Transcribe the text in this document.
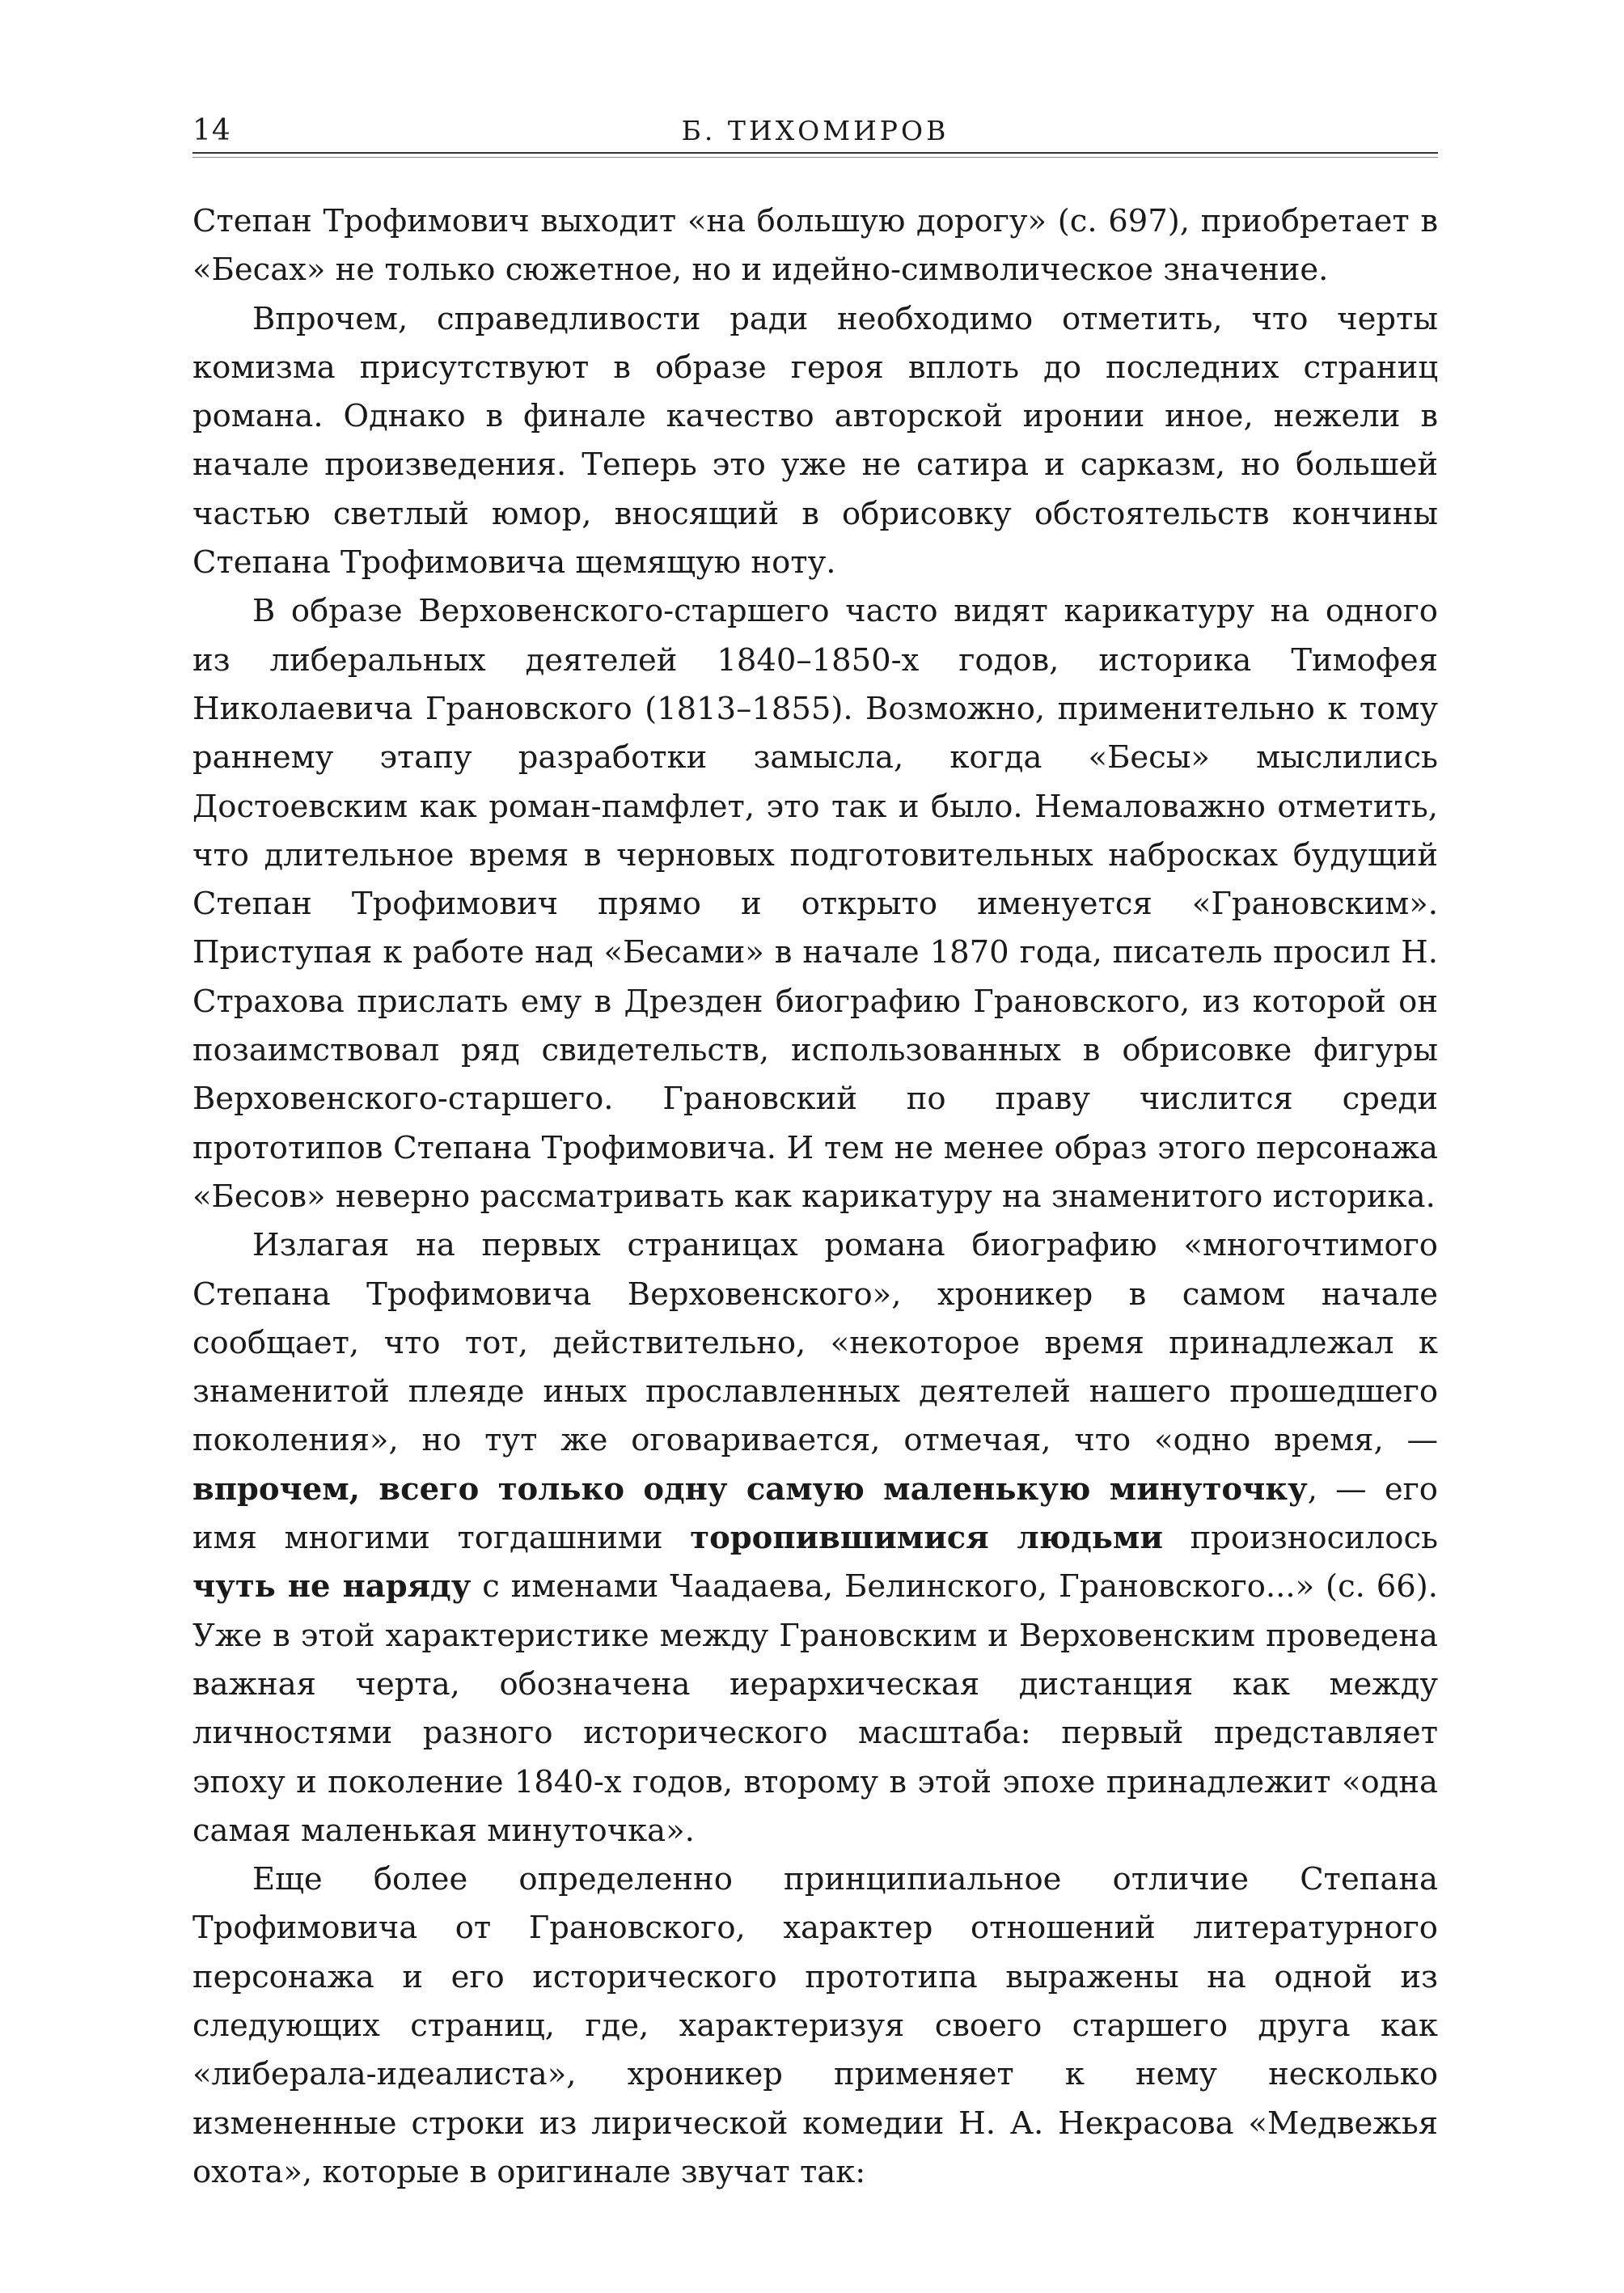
14	Б. ТИХОМИРОВ

Степан Трофимович выходит «на большую дорогу» (с. 697), приобретает в «Бесах» не только сюжетное, но и идейно-символическое значение.

Впрочем, справедливости ради необходимо отметить, что черты комизма присутствуют в образе героя вплоть до последних страниц романа. Однако в финале качество авторской иронии иное, нежели в начале произведения. Теперь это уже не сатира и сарказм, но большей частью светлый юмор, вносящий в обрисовку обстоятельств кончины Степана Трофимовича щемящую ноту.

В образе Верховенского-старшего часто видят карикатуру на одного из либеральных деятелей 1840–1850-х годов, историка Тимофея Николаевича Грановского (1813–1855). Возможно, применительно к тому раннему этапу разработки замысла, когда «Бесы» мыслились Достоевским как роман-памфлет, это так и было. Немаловажно отметить, что длительное время в черновых подготовительных набросках будущий Степан Трофимович прямо и открыто именуется «Грановским». Приступая к работе над «Бесами» в начале 1870 года, писатель просил Н. Страхова прислать ему в Дрезден биографию Грановского, из которой он позаимствовал ряд свидетельств, использованных в обрисовке фигуры Верховенского-старшего. Грановский по праву числится среди прототипов Степана Трофимовича. И тем не менее образ этого персонажа «Бесов» неверно рассматривать как карикатуру на знаменитого историка.

Излагая на первых страницах романа биографию «многочтимого Степана Трофимовича Верховенского», хроникер в самом начале сообщает, что тот, действительно, «некоторое время принадлежал к знаменитой плеяде иных прославленных деятелей нашего прошедшего поколения», но тут же оговаривается, отмечая, что «одно время, — впрочем, всего только одну самую маленькую минуточку, — его имя многими тогдашними торопившимися людьми произносилось чуть не наряду с именами Чаадаева, Белинского, Грановского...» (с. 66). Уже в этой характеристике между Грановским и Верховенским проведена важная черта, обозначена иерархическая дистанция как между личностями разного исторического масштаба: первый представляет эпоху и поколение 1840-х годов, второму в этой эпохе принадлежит «одна самая маленькая минуточка».

Еще более определенно принципиальное отличие Степана Трофимовича от Грановского, характер отношений литературного персонажа и его исторического прототипа выражены на одной из следующих страниц, где, характеризуя своего старшего друга как «либерала-идеалиста», хроникер применяет к нему несколько измененные строки из лирической комедии Н. А. Некрасова «Медвежья охота», которые в оригинале звучат так:
